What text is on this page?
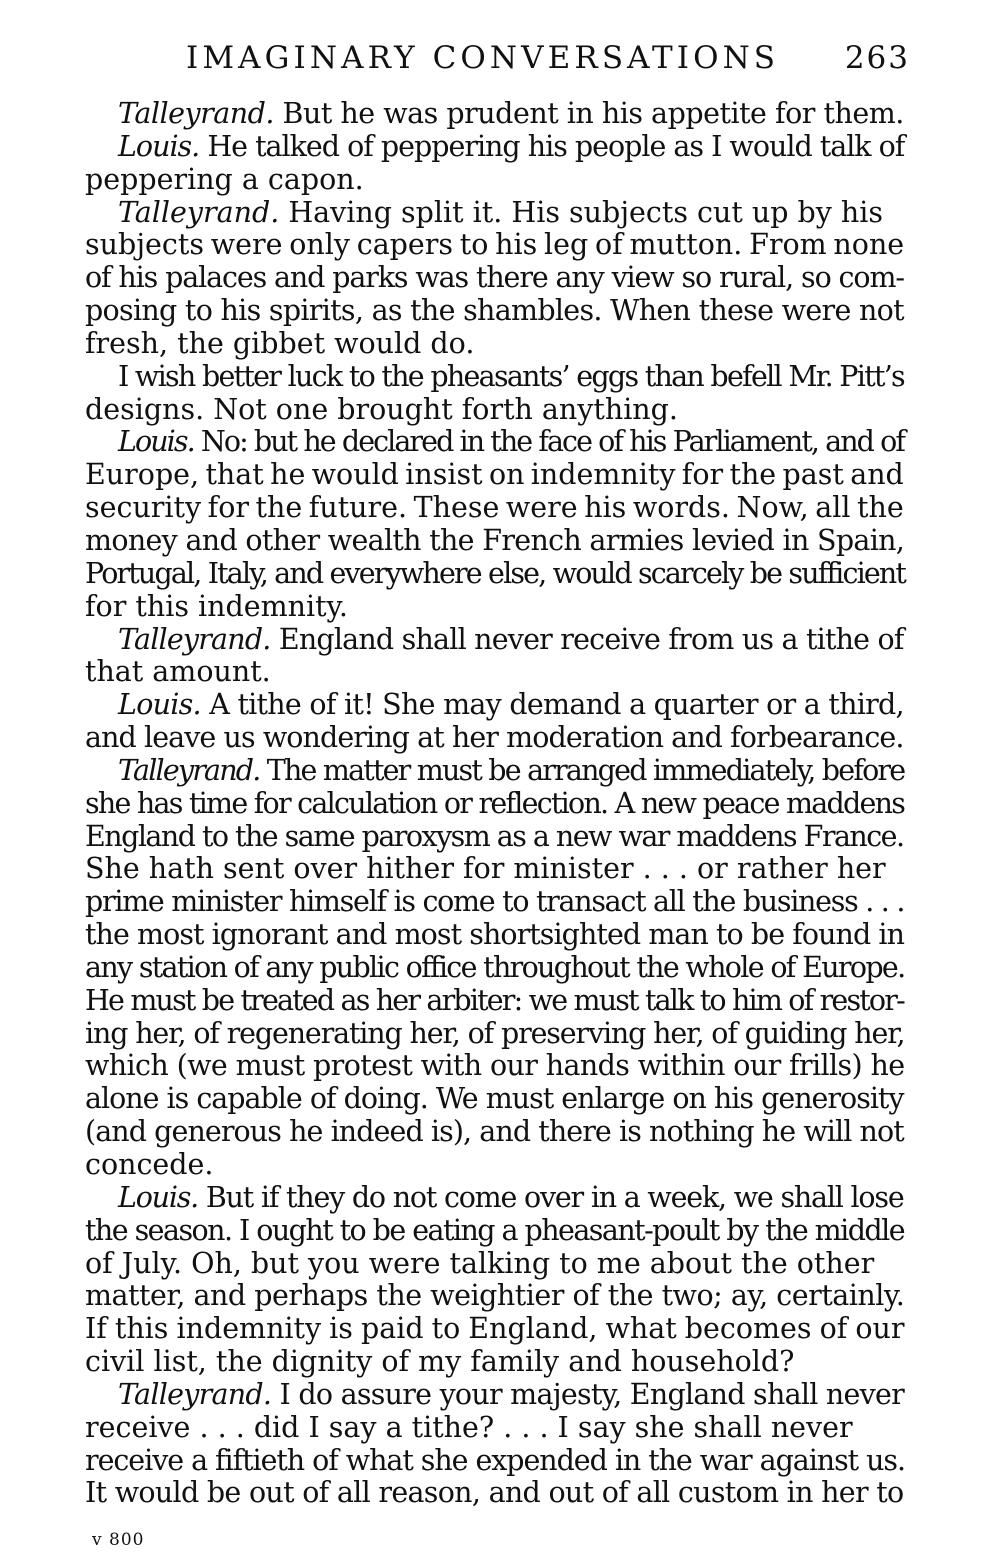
IMAGINARY CONVERSATIONS 263

Talleyrand. But he was prudent in his appetite for them.

Louis. He talked of peppering his people as I would talk of
peppering a capon.

Talleyrand. Having split it. His subjects cut up by his
subjects were only capers to his leg of mutton. From none
of his palaces and parks was there any view so rural, so com-
posing to his spirits, as the shambles. When these were not
fresh, the gibbet would do.

I wish better luck to the pheasants’ eggs than befell Mr. Pitt’s
designs. Not one brought forth anything.

Louis. No: but he declared in the face of his Parliament, and of
Europe, that he would insist on indemnity for the past and
security for the future. These were his words. Now, all the
money and other wealth the French armies levied in Spain,
Portugal, Italy, and everywhere else, would scarcely be sufficient
for this indemnity.

Talleyrand. England shall never receive from us a tithe of
that amount.

Louis. A tithe of it! She may demand a quarter or a third,
and leave us wondering at her moderation and forbearance.

Talleyrand. The matter must be arranged immediately, before
she has time for calculation or reflection. A new peace maddens
England to the same paroxysm as a new war maddens France.
She hath sent over hither for minister . . . or rather her
prime minister himself is come to transact all the business . . .
the most ignorant and most shortsighted man to be found in
any station of any public office throughout the whole of Europe.
He must be treated as her arbiter: we must talk to him of restor-
ing her, of regenerating her, of preserving her, of guiding her,
which (we must protest with our hands within our frills) he
alone is capable of doing. We must enlarge on his generosity
(and generous he indeed is), and there is nothing he will not
concede.

Louis. But if they do not come over in a week, we shall lose
the season. I ought to be eating a pheasant-poult by the middle
of July. Oh, but you were talking to me about the other
matter, and perhaps the weightier of the two; ay, certainly.
If this indemnity is paid to England, what becomes of our
civil list, the dignity of my family and household?

Talleyrand. I do assure your majesty, England shall never
receive . . . did I say a tithe? . . . I say she shall never
receive a fiftieth of what she expended in the war against us.
It would be out of all reason, and out of all custom in her to

v 800
